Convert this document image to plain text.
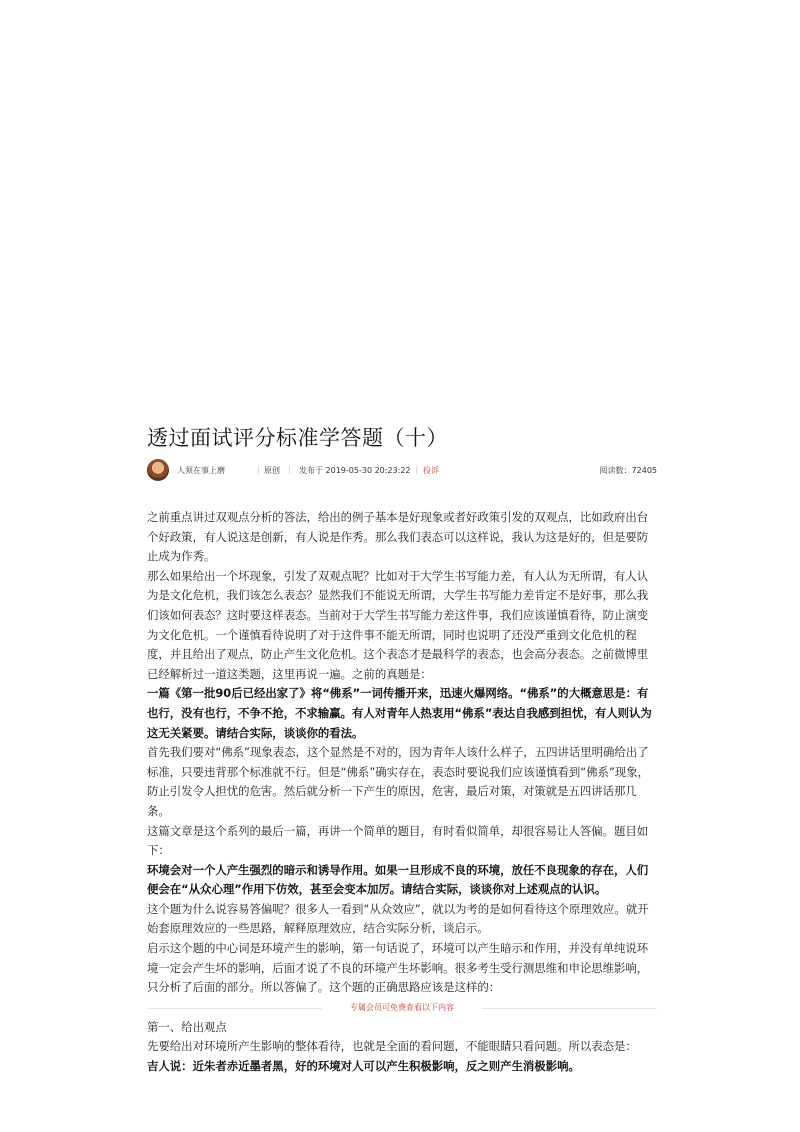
透过面试评分标准学答题（十）
人须在事上磨	| 原创 | 发布于 2019-05-30 20:23:22 | 投诉	阅读数：72405

之前重点讲过双观点分析的答法，给出的例子基本是好现象或者好政策引发的双观点，比如政府出台个好政策，有人说这是创新，有人说是作秀。那么我们表态可以这样说，我认为这是好的，但是要防止成为作秀。

那么如果给出一个坏现象，引发了双观点呢？比如对于大学生书写能力差，有人认为无所谓，有人认为是文化危机，我们该怎么表态？显然我们不能说无所谓，大学生书写能力差肯定不是好事，那么我们该如何表态？这时要这样表态。当前对于大学生书写能力差这件事，我们应该谨慎看待，防止演变为文化危机。一个谨慎看待说明了对于这件事不能无所谓，同时也说明了还没严重到文化危机的程度，并且给出了观点，防止产生文化危机。这个表态才是最科学的表态，也会高分表态。之前微博里已经解析过一道这类题，这里再说一遍。之前的真题是：

一篇《第一批90后已经出家了》将“佛系”一词传播开来，迅速火爆网络。“佛系”的大概意思是：有也行，没有也行，不争不抢，不求输赢。有人对青年人热衷用“佛系”表达自我感到担忧，有人则认为这无关紧要。请结合实际，谈谈你的看法。

首先我们要对“佛系”现象表态，这个显然是不对的，因为青年人该什么样子，五四讲话里明确给出了标准，只要违背那个标准就不行。但是“佛系”确实存在，表态时要说我们应该谨慎看到“佛系”现象，防止引发令人担忧的危害。然后就分析一下产生的原因，危害，最后对策，对策就是五四讲话那几条。

这篇文章是这个系列的最后一篇，再讲一个简单的题目，有时看似简单，却很容易让人答偏。题目如下：

环境会对一个人产生强烈的暗示和诱导作用。如果一旦形成不良的环境，放任不良现象的存在，人们便会在“从众心理”作用下仿效，甚至会变本加厉。请结合实际，谈谈你对上述观点的认识。

这个题为什么说容易答偏呢？很多人一看到“从众效应”，就以为考的是如何看待这个原理效应。就开始套原理效应的一些思路，解释原理效应，结合实际分析，谈启示。

启示这个题的中心词是环境产生的影响，第一句话说了，环境可以产生暗示和作用，并没有单纯说环境一定会产生坏的影响，后面才说了不良的环境产生坏影响。很多考生受行测思维和申论思维影响，只分析了后面的部分。所以答偏了。这个题的正确思路应该是这样的：

专属会员可免费查看以下内容

第一、给出观点

先要给出对环境所产生影响的整体看待，也就是全面的看问题，不能眼睛只看问题。所以表态是：

吉人说：近朱者赤近墨者黑，好的环境对人可以产生积极影响，反之则产生消极影响。
